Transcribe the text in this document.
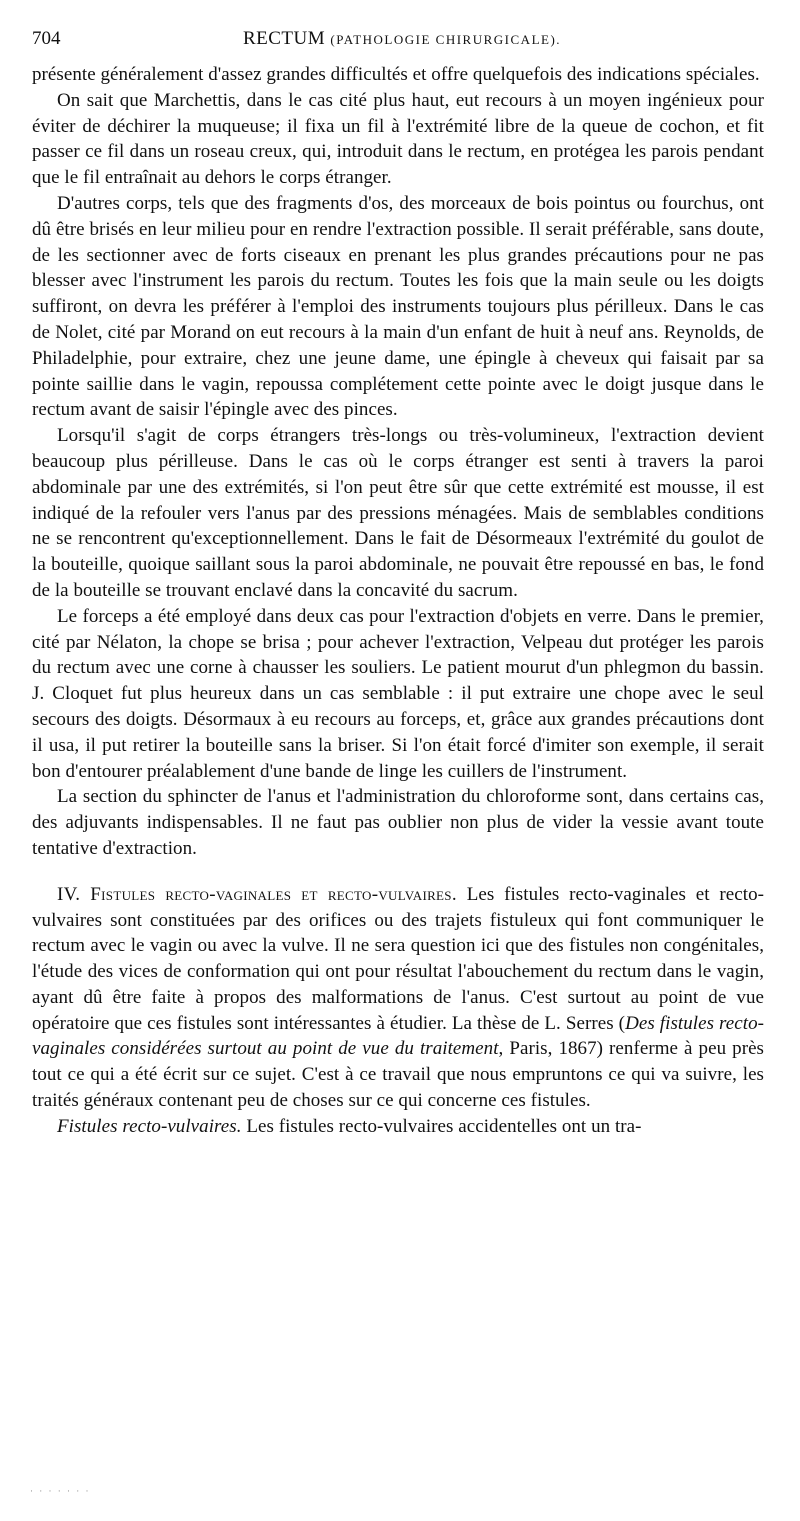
704	RECTUM (PATHOLOGIE CHIRURGICALE).

présente généralement d'assez grandes difficultés et offre quelquefois des indications spéciales.

On sait que Marchettis, dans le cas cité plus haut, eut recours à un moyen ingénieux pour éviter de déchirer la muqueuse; il fixa un fil à l'extrémité libre de la queue de cochon, et fit passer ce fil dans un roseau creux, qui, introduit dans le rectum, en protégea les parois pendant que le fil entraînait au dehors le corps étranger.

D'autres corps, tels que des fragments d'os, des morceaux de bois pointus ou fourchus, ont dû être brisés en leur milieu pour en rendre l'extraction possible. Il serait préférable, sans doute, de les sectionner avec de forts ciseaux en prenant les plus grandes précautions pour ne pas blesser avec l'instrument les parois du rectum. Toutes les fois que la main seule ou les doigts suffiront, on devra les préférer à l'emploi des instruments toujours plus périlleux. Dans le cas de Nolet, cité par Morand on eut recours à la main d'un enfant de huit à neuf ans. Reynolds, de Philadelphie, pour extraire, chez une jeune dame, une épingle à cheveux qui faisait par sa pointe saillie dans le vagin, repoussa complétement cette pointe avec le doigt jusque dans le rectum avant de saisir l'épingle avec des pinces.

Lorsqu'il s'agit de corps étrangers très-longs ou très-volumineux, l'extraction devient beaucoup plus périlleuse. Dans le cas où le corps étranger est senti à travers la paroi abdominale par une des extrémités, si l'on peut être sûr que cette extrémité est mousse, il est indiqué de la refouler vers l'anus par des pressions ménagées. Mais de semblables conditions ne se rencontrent qu'exceptionnellement. Dans le fait de Désormeaux l'extrémité du goulot de la bouteille, quoique saillant sous la paroi abdominale, ne pouvait être repoussé en bas, le fond de la bouteille se trouvant enclavé dans la concavité du sacrum.

Le forceps a été employé dans deux cas pour l'extraction d'objets en verre. Dans le premier, cité par Nélaton, la chope se brisa ; pour achever l'extraction, Velpeau dut protéger les parois du rectum avec une corne à chausser les souliers. Le patient mourut d'un phlegmon du bassin. J. Cloquet fut plus heureux dans un cas semblable : il put extraire une chope avec le seul secours des doigts. Désormaux à eu recours au forceps, et, grâce aux grandes précautions dont il usa, il put retirer la bouteille sans la briser. Si l'on était forcé d'imiter son exemple, il serait bon d'entourer préalablement d'une bande de linge les cuillers de l'instrument.

La section du sphincter de l'anus et l'administration du chloroforme sont, dans certains cas, des adjuvants indispensables. Il ne faut pas oublier non plus de vider la vessie avant toute tentative d'extraction.

IV. Fistules recto-vaginales et recto-vulvaires. Les fistules recto-vaginales et recto-vulvaires sont constituées par des orifices ou des trajets fistuleux qui font communiquer le rectum avec le vagin ou avec la vulve. Il ne sera question ici que des fistules non congénitales, l'étude des vices de conformation qui ont pour résultat l'abouchement du rectum dans le vagin, ayant dû être faite à propos des malformations de l'anus. C'est surtout au point de vue opératoire que ces fistules sont intéressantes à étudier. La thèse de L. Serres (Des fistules recto-vaginales considérées surtout au point de vue du traitement, Paris, 1867) renferme à peu près tout ce qui a été écrit sur ce sujet. C'est à ce travail que nous empruntons ce qui va suivre, les traités généraux contenant peu de choses sur ce qui concerne ces fistules.

Fistules recto-vulvaires. Les fistules recto-vulvaires accidentelles ont un tra-

· · · · · · ·
